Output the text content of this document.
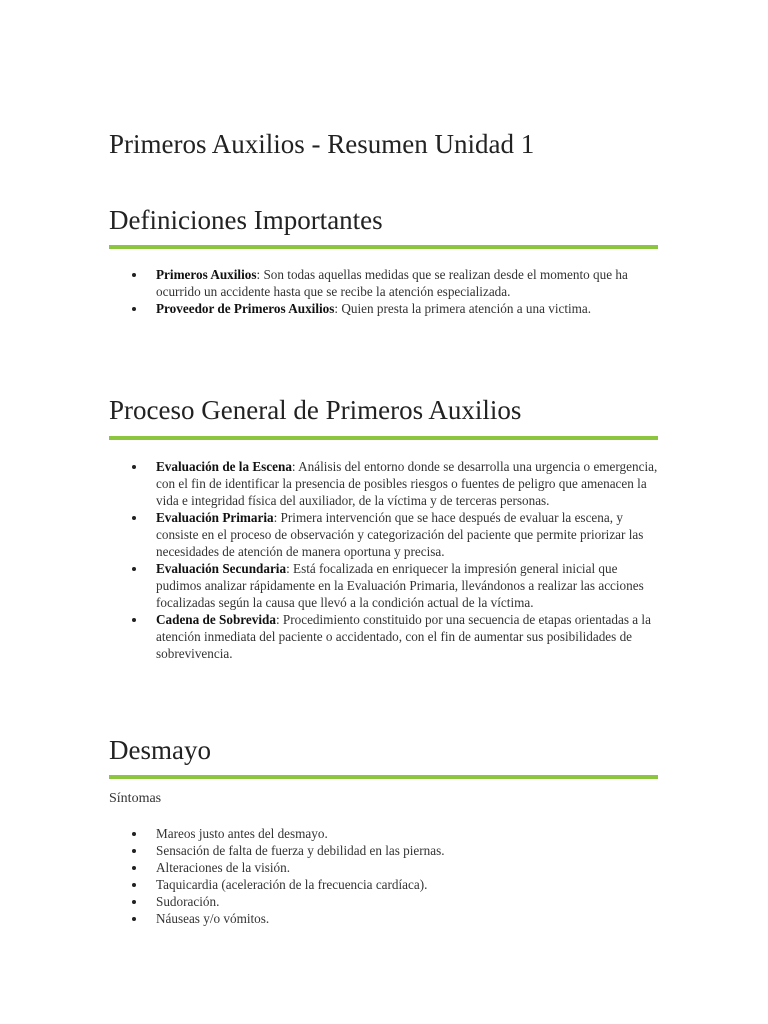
Primeros Auxilios - Resumen Unidad 1
Definiciones Importantes
Primeros Auxilios: Son todas aquellas medidas que se realizan desde el momento que ha ocurrido un accidente hasta que se recibe la atención especializada.
Proveedor de Primeros Auxilios: Quien presta la primera atención a una victima.
Proceso General de Primeros Auxilios
Evaluación de la Escena: Análisis del entorno donde se desarrolla una urgencia o emergencia, con el fin de identificar la presencia de posibles riesgos o fuentes de peligro que amenacen la vida e integridad física del auxiliador, de la víctima y de terceras personas.
Evaluación Primaria: Primera intervención que se hace después de evaluar la escena, y consiste en el proceso de observación y categorización del paciente que permite priorizar las necesidades de atención de manera oportuna y precisa.
Evaluación Secundaria: Está focalizada en enriquecer la impresión general inicial que pudimos analizar rápidamente en la Evaluación Primaria, llevándonos a realizar las acciones focalizadas según la causa que llevó a la condición actual de la víctima.
Cadena de Sobrevida: Procedimiento constituido por una secuencia de etapas orientadas a la atención inmediata del paciente o accidentado, con el fin de aumentar sus posibilidades de sobrevivencia.
Desmayo
Síntomas
Mareos justo antes del desmayo.
Sensación de falta de fuerza y debilidad en las piernas.
Alteraciones de la visión.
Taquicardia (aceleración de la frecuencia cardíaca).
Sudoración.
Náuseas y/o vómitos.
